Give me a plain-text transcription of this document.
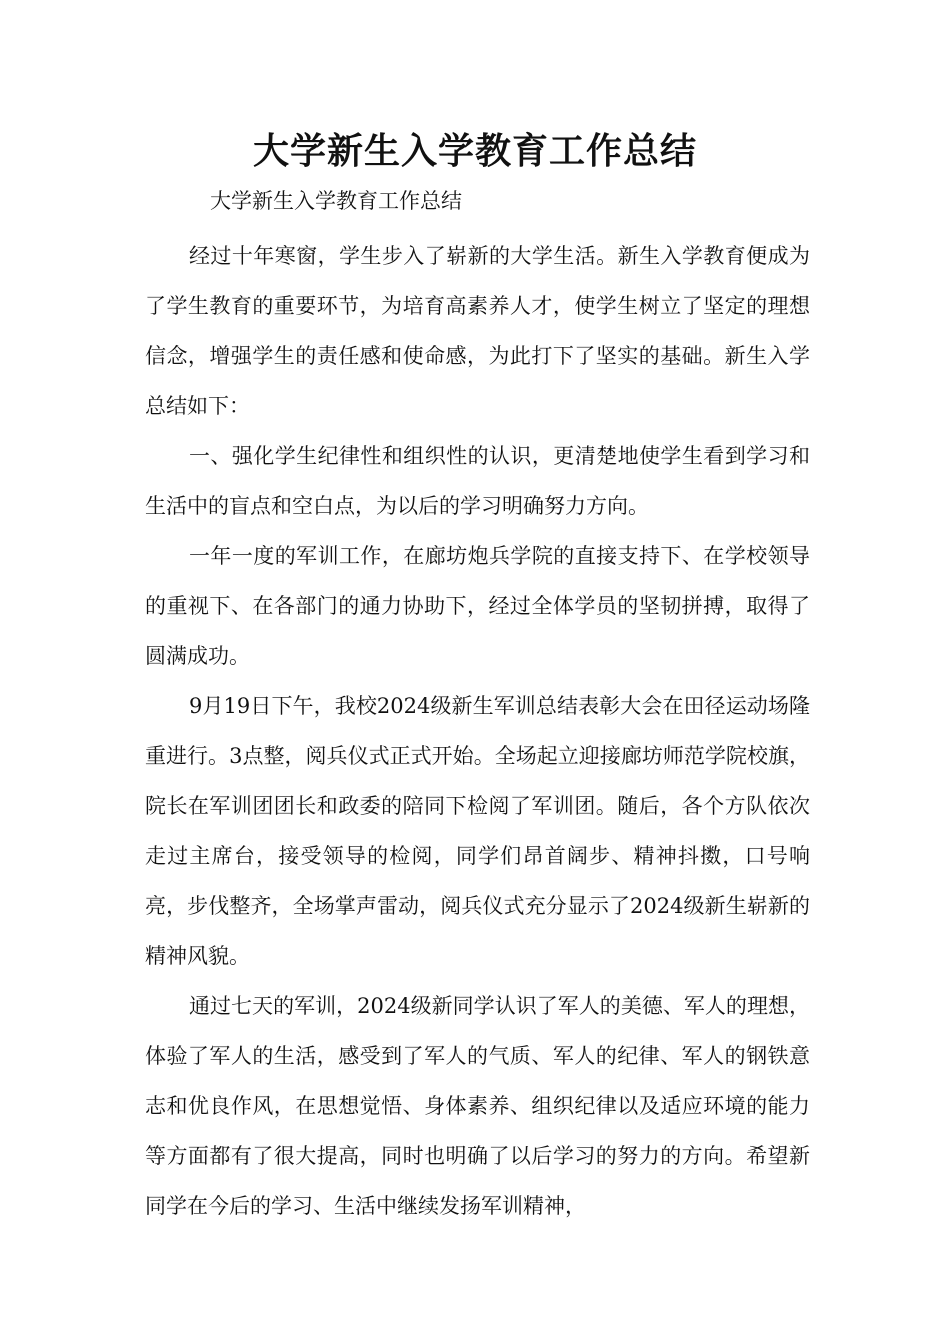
大学新生入学教育工作总结
大学新生入学教育工作总结

经过十年寒窗，学生步入了崭新的大学生活。新生入学教育便成为了学生教育的重要环节，为培育高素养人才，使学生树立了坚定的理想信念，增强学生的责任感和使命感，为此打下了坚实的基础。新生入学总结如下：

一、强化学生纪律性和组织性的认识，更清楚地使学生看到学习和生活中的盲点和空白点，为以后的学习明确努力方向。

一年一度的军训工作，在廊坊炮兵学院的直接支持下、在学校领导的重视下、在各部门的通力协助下，经过全体学员的坚韧拼搏，取得了圆满成功。

9月19日下午，我校2024级新生军训总结表彰大会在田径运动场隆重进行。3点整，阅兵仪式正式开始。全场起立迎接廊坊师范学院校旗，院长在军训团团长和政委的陪同下检阅了军训团。随后，各个方队依次走过主席台，接受领导的检阅，同学们昂首阔步、精神抖擞，口号响亮，步伐整齐，全场掌声雷动，阅兵仪式充分显示了2024级新生崭新的精神风貌。

通过七天的军训，2024级新同学认识了军人的美德、军人的理想，体验了军人的生活，感受到了军人的气质、军人的纪律、军人的钢铁意志和优良作风，在思想觉悟、身体素养、组织纪律以及适应环境的能力等方面都有了很大提高，同时也明确了以后学习的努力的方向。希望新同学在今后的学习、生活中继续发扬军训精神，
